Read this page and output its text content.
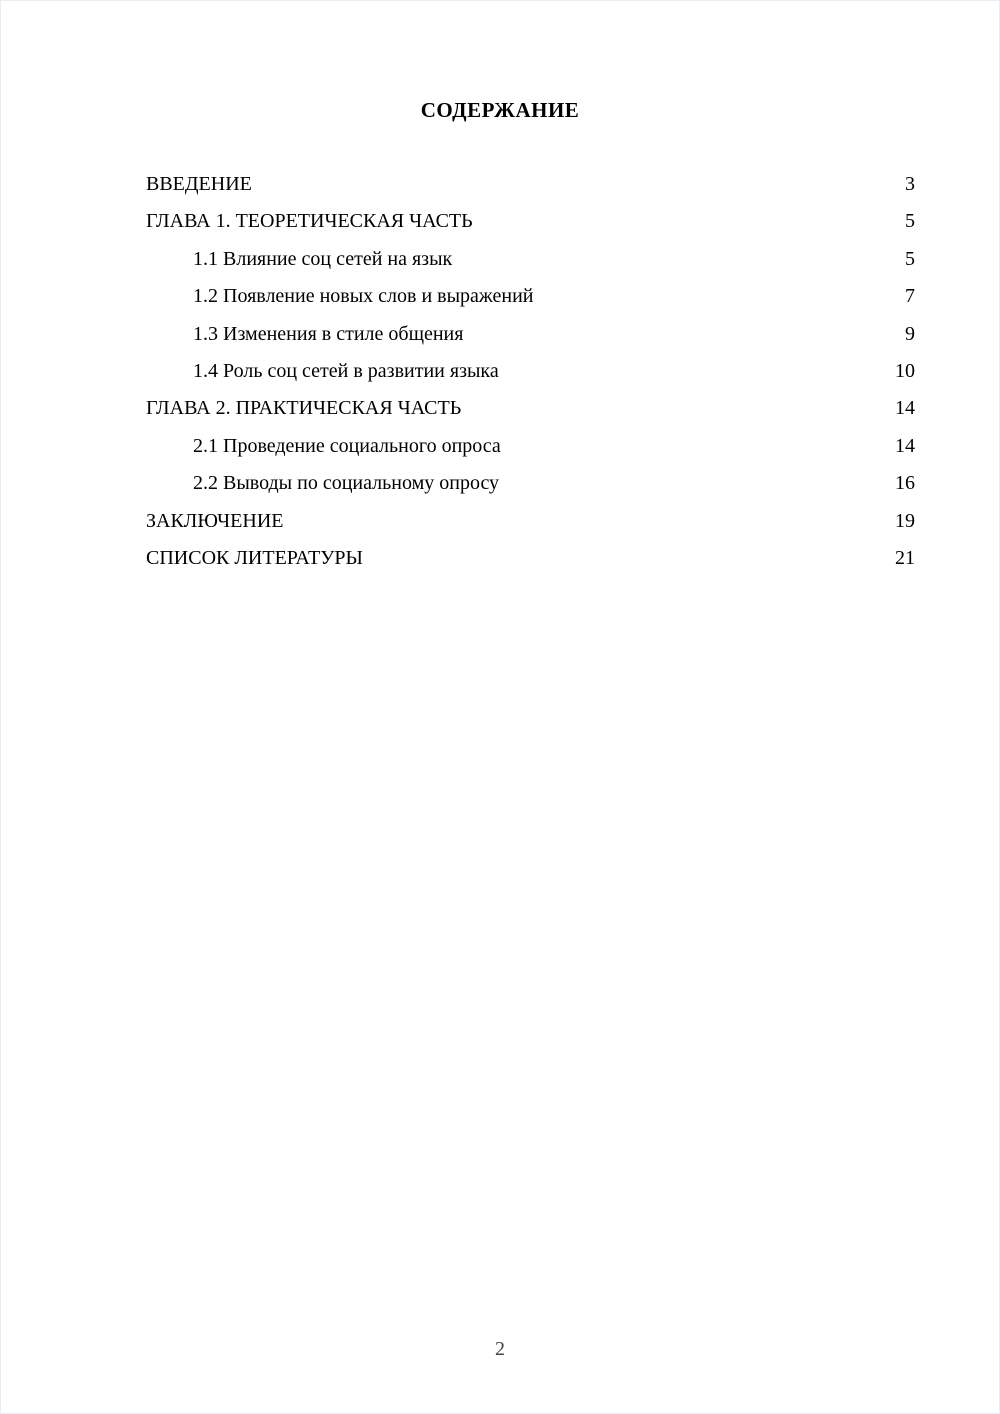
СОДЕРЖАНИЕ
ВВЕДЕНИЕ	3
ГЛАВА 1. ТЕОРЕТИЧЕСКАЯ ЧАСТЬ	5
1.1 Влияние соц сетей на язык	5
1.2 Появление новых слов и выражений	7
1.3 Изменения в стиле общения	9
1.4 Роль соц сетей в развитии языка	10
ГЛАВА 2. ПРАКТИЧЕСКАЯ ЧАСТЬ	14
2.1 Проведение социального опроса	14
2.2 Выводы по социальному опросу	16
ЗАКЛЮЧЕНИЕ	19
СПИСОК ЛИТЕРАТУРЫ	21
2
